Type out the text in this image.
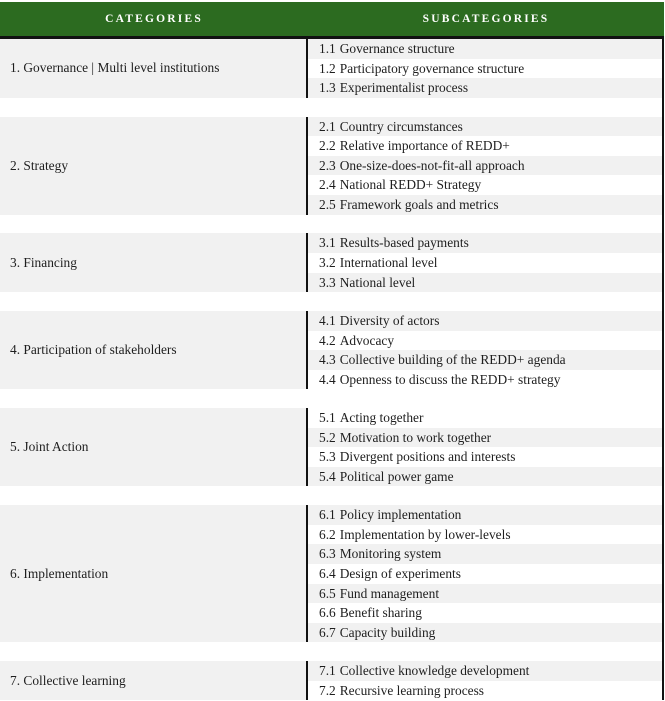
CATEGORIES	SUBCATEGORIES
1. Governance | Multi level institutions
1.1 Governance structure
1.2 Participatory governance structure
1.3 Experimentalist process
2. Strategy
2.1 Country circumstances
2.2 Relative importance of REDD+
2.3 One-size-does-not-fit-all approach
2.4 National REDD+ Strategy
2.5 Framework goals and metrics
3. Financing
3.1 Results-based payments
3.2 International level
3.3 National level
4. Participation of stakeholders
4.1 Diversity of actors
4.2 Advocacy
4.3 Collective building of the REDD+ agenda
4.4 Openness to discuss the REDD+ strategy
5. Joint Action
5.1 Acting together
5.2 Motivation to work together
5.3 Divergent positions and interests
5.4 Political power game
6. Implementation
6.1 Policy implementation
6.2 Implementation by lower-levels
6.3 Monitoring system
6.4 Design of experiments
6.5 Fund management
6.6 Benefit sharing
6.7 Capacity building
7. Collective learning
7.1 Collective knowledge development
7.2 Recursive learning process
